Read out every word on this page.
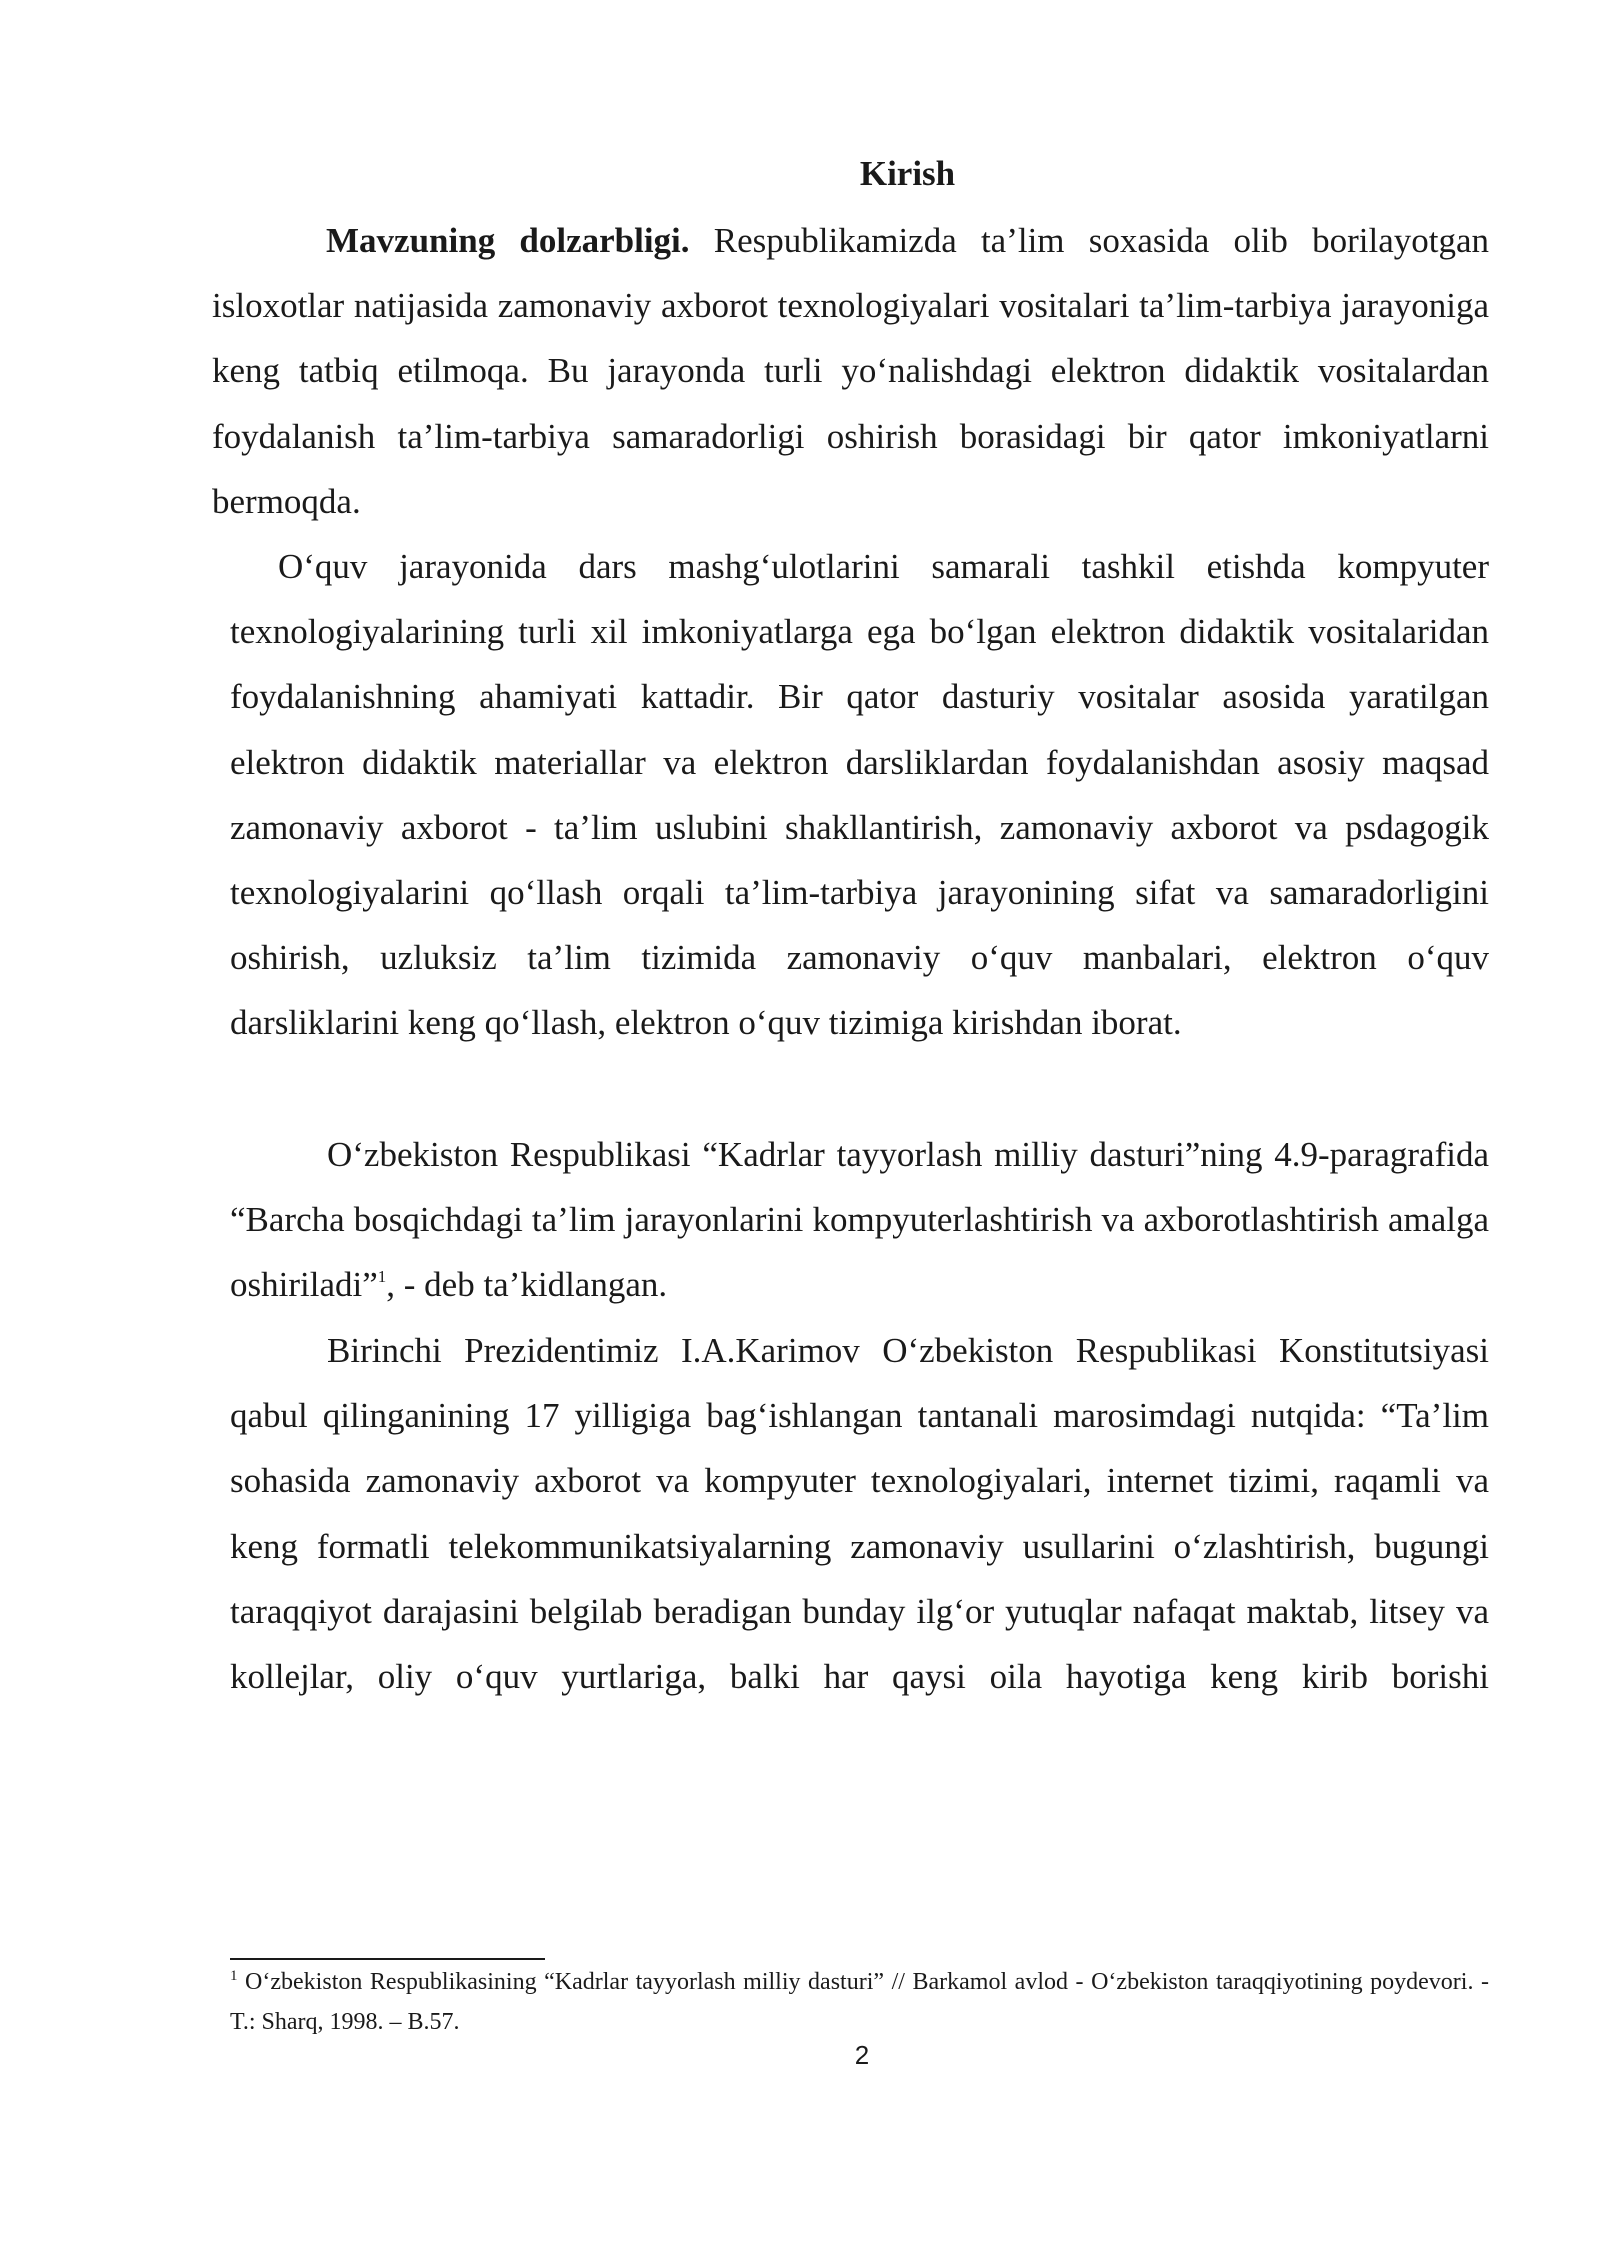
Kirish

Mavzuning dolzarbligi. Respublikamizda ta’lim soxasida olib borilayotgan isloxotlar natijasida zamonaviy axborot texnologiyalari vositalari ta’lim-tarbiya jarayoniga keng tatbiq etilmoqa. Bu jarayonda turli yo‘nalishdagi elektron didaktik vositalardan foydalanish ta’lim-tarbiya samaradorligi oshirish borasidagi bir qator imkoniyatlarni bermoqda.

O‘quv jarayonida dars mashg‘ulotlarini samarali tashkil etishda kompyuter texnologiyalarining turli xil imkoniyatlarga ega bo‘lgan elektron didaktik vositalaridan foydalanishning ahamiyati kattadir. Bir qator dasturiy vositalar asosida yaratilgan elektron didaktik materiallar va elektron darsliklardan foydalanishdan asosiy maqsad zamonaviy axborot - ta’lim uslubini shakllantirish, zamonaviy axborot va psdagogik texnologiyalarini qo‘llash orqali ta’lim-tarbiya jarayonining sifat va samaradorligini oshirish, uzluksiz ta’lim tizimida zamonaviy o‘quv manbalari, elektron o‘quv darsliklarini keng qo‘llash, elektron o‘quv tizimiga kirishdan iborat.

O‘zbekiston Respublikasi “Kadrlar tayyorlash milliy dasturi”ning 4.9-paragrafida “Barcha bosqichdagi ta’lim jarayonlarini kompyuterlashtirish va axborotlashtirish amalga oshiriladi”$^1$, - deb ta’kidlangan.

Birinchi Prezidentimiz I.A.Karimov O‘zbekiston Respublikasi Konstitutsiyasi qabul qilinganining 17 yilligiga bag‘ishlangan tantanali marosimdagi nutqida: “Ta’lim sohasida zamonaviy axborot va kompyuter texnologiyalari, internet tizimi, raqamli va keng formatli telekommunikatsiyalarning zamonaviy usullarini o‘zlashtirish, bugungi taraqqiyot darajasini belgilab beradigan bunday ilg‘or yutuqlar nafaqat maktab, litsey va kollejlar, oliy o‘quv yurtlariga, balki har qaysi oila hayotiga keng kirib borishi

$^1$ O‘zbekiston Respublikasining “Kadrlar tayyorlash milliy dasturi” // Barkamol avlod - O‘zbekiston taraqqiyotining poydevori. - T.: Sharq, 1998. – B.57.

2
